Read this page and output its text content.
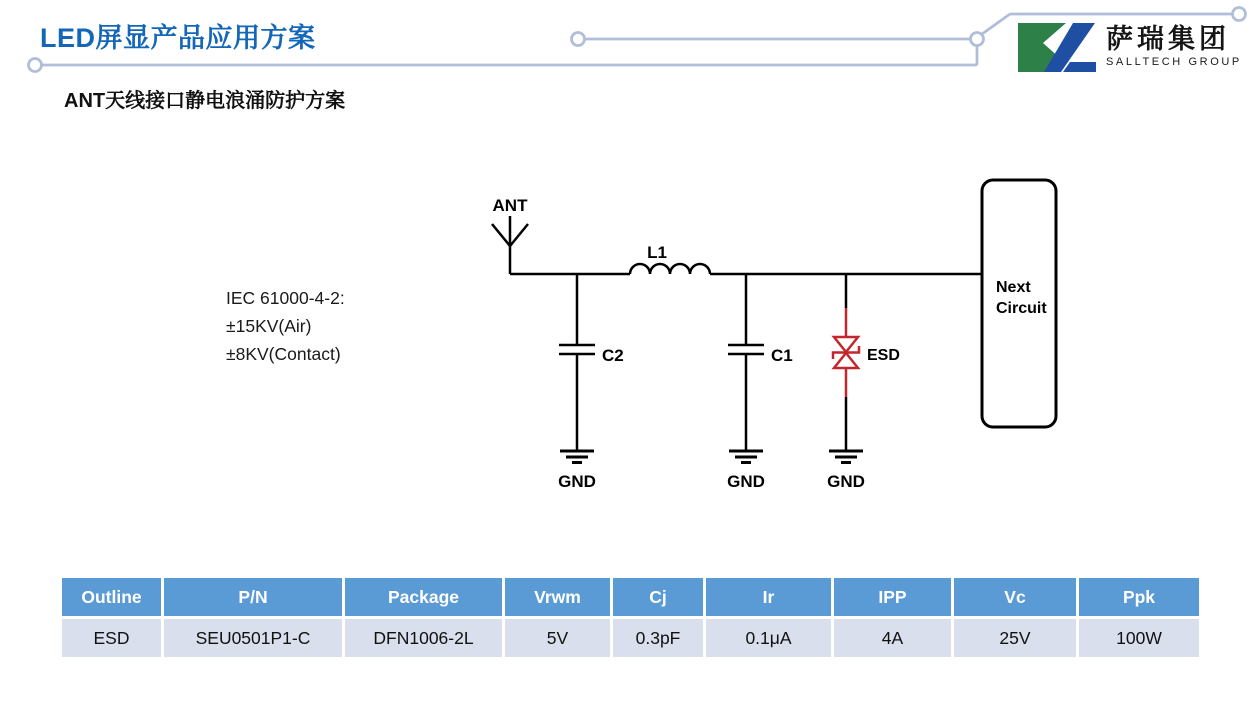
LED屏显产品应用方案
ANT天线接口静电浪涌防护方案
萨瑞集团
SALLTECH GROUP
IEC 61000-4-2:
±15KV(Air)
±8KV(Contact)
ANT
L1
C2	C1	ESD
GND	GND	GND
Next
Circuit
Outline	P/N	Package	Vrwm	Cj	Ir	IPP	Vc	Ppk
ESD	SEU0501P1-C	DFN1006-2L	5V	0.3pF	0.1μA	4A	25V	100W
